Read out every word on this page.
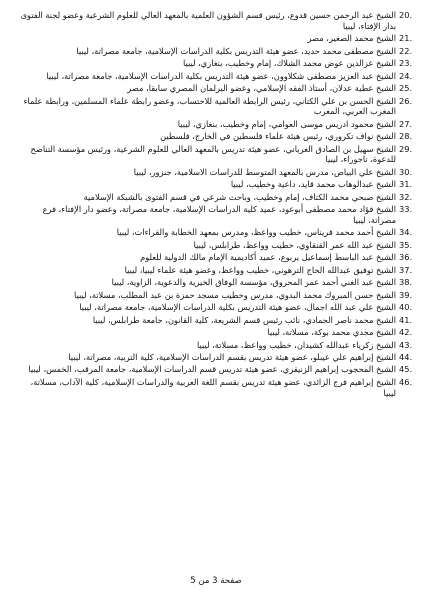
20.
الشيخ عبد الرحمن حسين قدوع، رئيس قسم الشؤون العلمية بالمعهد العالي للعلوم الشرعية وعضو لجنة الفتوى بدار الإفتاء، ليبيا
21.
الشيخ محمد الصغير، مصر
22.
الشيخ مصطفى محمد حديد، عضو هيئة التدريس بكلية الدراسات الإسلامية، جامعة مصراتة، ليبيا
23.
الشيخ عزالدين عوض محمد الشلاك، إمام وخطيب، بنغازي، ليبيا
24.
الشيخ عبد العزيز مصطفى شكلاوون، عضو هيئة التدريس بكلية الدراسات الإسلامية، جامعة مصراتة، ليبيا
25.
الشيخ عطية عدلان، أستاذ الفقه الإسلامي، وعضو البرلمان المصري سابقا، مصر
26.
الشيخ الحسن بن علي الكتاني، رئيس الرابطة العالمية للاحتساب، وعضو رابطة علماء المسلمين، ورابطة علماء المغرب العربي، المغرب
27.
الشيخ محمود ادريس موسى العوامي، إمام وخطيب، بنغازي، ليبيا
28.
الشيخ نواف تكروري، رئيس هيئة علماء فلسطين في الخارج، فلسطين
29.
الشيخ سهيل بن الصادق الغرياني، عضو هيئة تدريس بالمعهد العالي للعلوم الشرعية، ورئيس مؤسسة التناصح للدعوة، تاجوراء، ليبيا
30.
الشيخ علي البياص، مدرس بالمعهد المتوسط للدراسات الاسلامية، جنزور، ليبيا
31.
الشيخ عبدالوهاب محمد قايد، داعية وخطيب، ليبيا
32.
الشيخ صبحي محمد الكتاف، إمام وخطيب، وباحث شرعي في قسم الفتوى بالشبكة الإسلامية
33.
الشيخ فؤاد محمد مصطفى أبوعود، عميد كلية الدراسات الإسلامية، جامعة مصراتة، وعضو دار الإفتاء، فرع مصراتة، ليبيا
34.
الشيخ أحمد محمد قريناس، خطيب وواعظ، ومدرس بمعهد الخطابة والقراءات، ليبيا
35.
الشيخ عبد الله عمر القنقاوي، خطيب وواعظ، طرابلس، ليبيا
36.
الشيخ عبد الباسط إسماعيل يربوع، عميد أكاديمية الإمام مالك الدولية للعلوم
37.
الشيخ توفيق عبدالله الحاج الترهوني، خطيب وواعظ، وعضو هيئة علماء ليبيا، ليبيا
38.
الشيخ عبد الغني أحمد عمر المحروق، مؤسسة الوفاق الخيرية والدعوية، الزاوية، ليبيا
39.
الشيخ حسن المبروك محمد البدوي، مدرس وخطيب مسجد حمزة بن عبد المطلب، مسلاتة، ليبيا
40.
الشيخ علي عبد الله اجمال، عضو هيئة التدريس بكلية الدراسات الإسلامية، جامعة مصراتة، ليبيا
41.
الشيخ محمد ناصر الحمادي، نائب رئيس قسم الشريعة، كلية القانون، جامعة طرابلس، ليبيا
42.
الشيخ مجدي محمد بوكة، مسلاتة، ليبيا
43.
الشيخ زكرياء عبدالله كشيدان، خطيب وواعظ، مسلاتة، ليبيا
44.
الشيخ إبراهيم علي عيبلو، عضو هيئة تدريس بقسم الدراسات الإسلامية، كلية التربية، مصراتة، ليبيا
45.
الشيخ المحجوب إبراهيم الزنيقري، عضو هيئة تدريس قسم الدراسات الإسلامية، جامعة المرقب، الخمس، ليبيا
46.
الشيخ إبراهيم فرج الزائدي، عضو هيئة تدريس بقسم اللغة العربية والدراسات الإسلامية، كلية الآداب، مسلاتة، ليبيا
صفحة 3 من 5
